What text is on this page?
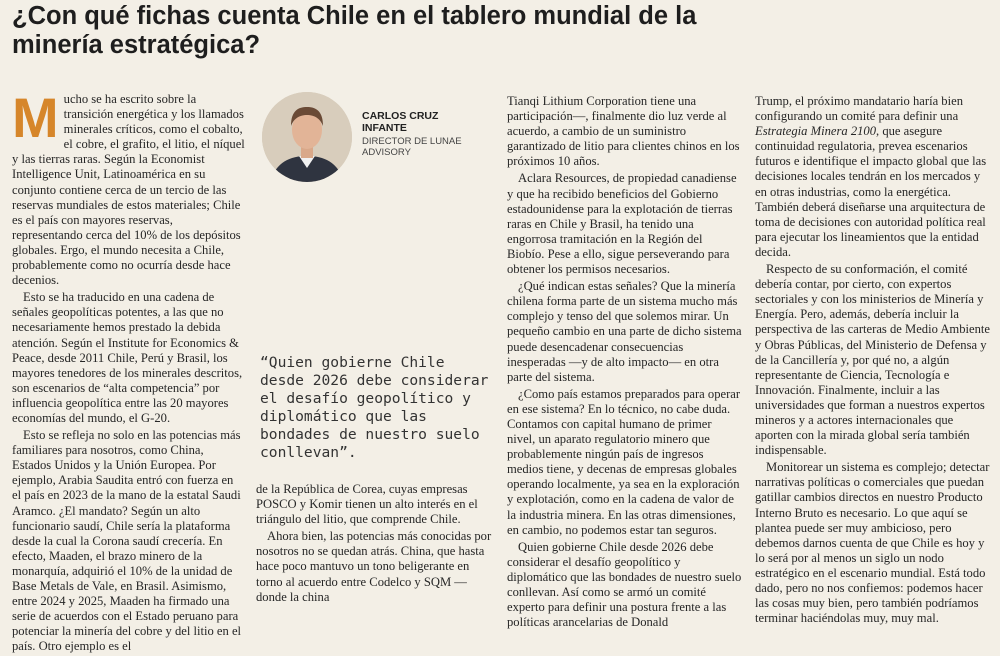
¿Con qué fichas cuenta Chile en el tablero mundial de la minería estratégica?

Mucho se ha escrito sobre la transición energética y los llamados minerales críticos, como el cobalto, el cobre, el grafito, el litio, el níquel y las tierras raras. Según la Economist Intelligence Unit, Latinoamérica en su conjunto contiene cerca de un tercio de las reservas mundiales de estos materiales; Chile es el país con mayores reservas, representando cerca del 10% de los depósitos globales. Ergo, el mundo necesita a Chile, probablemente como no ocurría desde hace decenios.

Esto se ha traducido en una cadena de señales geopolíticas potentes, a las que no necesariamente hemos prestado la debida atención. Según el Institute for Economics & Peace, desde 2011 Chile, Perú y Brasil, los mayores tenedores de los minerales descritos, son escenarios de “alta competencia” por influencia geopolítica entre las 20 mayores economías del mundo, el G-20.

Esto se refleja no solo en las potencias más familiares para nosotros, como China, Estados Unidos y la Unión Europea. Por ejemplo, Arabia Saudita entró con fuerza en el país en 2023 de la mano de la estatal Saudi Aramco. ¿El mandato? Según un alto funcionario saudí, Chile sería la plataforma desde la cual la Corona saudí crecería. En efecto, Maaden, el brazo minero de la monarquía, adquirió el 10% de la unidad de Base Metals de Vale, en Brasil. Asimismo, entre 2024 y 2025, Maaden ha firmado una serie de acuerdos con el Estado peruano para potenciar la minería del cobre y del litio en el país. Otro ejemplo es el

CARLOS CRUZ INFANTE
DIRECTOR DE LUNAE ADVISORY

“Quien gobierne Chile desde 2026 debe considerar el desafío geopolítico y diplomático que las bondades de nuestro suelo conllevan”.

de la República de Corea, cuyas empresas POSCO y Komir tienen un alto interés en el triángulo del litio, que comprende Chile.

Ahora bien, las potencias más conocidas por nosotros no se quedan atrás. China, que hasta hace poco mantuvo un tono beligerante en torno al acuerdo entre Codelco y SQM —donde la china

Tianqi Lithium Corporation tiene una participación—, finalmente dio luz verde al acuerdo, a cambio de un suministro garantizado de litio para clientes chinos en los próximos 10 años.

Aclara Resources, de propiedad canadiense y que ha recibido beneficios del Gobierno estadounidense para la explotación de tierras raras en Chile y Brasil, ha tenido una engorrosa tramitación en la Región del Biobío. Pese a ello, sigue perseverando para obtener los permisos necesarios.

¿Qué indican estas señales? Que la minería chilena forma parte de un sistema mucho más complejo y tenso del que solemos mirar. Un pequeño cambio en una parte de dicho sistema puede desencadenar consecuencias inesperadas —y de alto impacto— en otra parte del sistema.

¿Como país estamos preparados para operar en ese sistema? En lo técnico, no cabe duda. Contamos con capital humano de primer nivel, un aparato regulatorio minero que probablemente ningún país de ingresos medios tiene, y decenas de empresas globales operando localmente, ya sea en la exploración y explotación, como en la cadena de valor de la industria minera. En las otras dimensiones, en cambio, no podemos estar tan seguros.

Quien gobierne Chile desde 2026 debe considerar el desafío geopolítico y diplomático que las bondades de nuestro suelo conllevan. Así como se armó un comité experto para definir una postura frente a las políticas arancelarias de Donald

Trump, el próximo mandatario haría bien configurando un comité para definir una Estrategia Minera 2100, que asegure continuidad regulatoria, prevea escenarios futuros e identifique el impacto global que las decisiones locales tendrán en los mercados y en otras industrias, como la energética. También deberá diseñarse una arquitectura de toma de decisiones con autoridad política real para ejecutar los lineamientos que la entidad decida.

Respecto de su conformación, el comité debería contar, por cierto, con expertos sectoriales y con los ministerios de Minería y Energía. Pero, además, debería incluir la perspectiva de las carteras de Medio Ambiente y Obras Públicas, del Ministerio de Defensa y de la Cancillería y, por qué no, a algún representante de Ciencia, Tecnología e Innovación. Finalmente, incluir a las universidades que forman a nuestros expertos mineros y a actores internacionales que aporten con la mirada global sería también indispensable.

Monitorear un sistema es complejo; detectar narrativas políticas o comerciales que puedan gatillar cambios directos en nuestro Producto Interno Bruto es necesario. Lo que aquí se plantea puede ser muy ambicioso, pero debemos darnos cuenta de que Chile es hoy y lo será por al menos un siglo un nodo estratégico en el escenario mundial. Está todo dado, pero no nos confiemos: podemos hacer las cosas muy bien, pero también podríamos terminar haciéndolas muy, muy mal.
